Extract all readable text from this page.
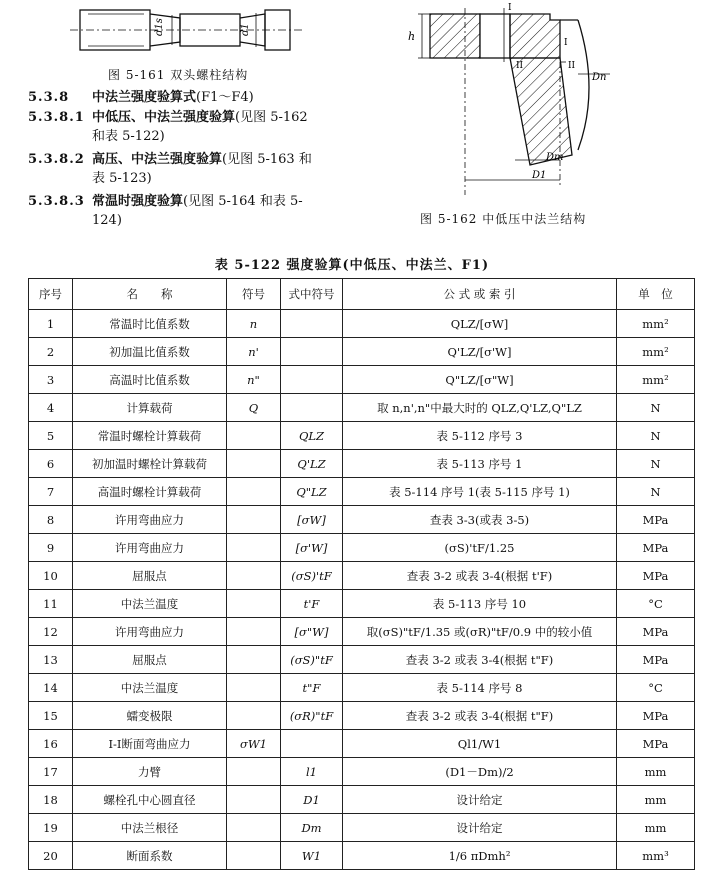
d1s	d1
图 5-161 双头螺柱结构
h
I
I
II	II
Dn
Dm
D1
图 5-162 中低压中法兰结构
5.3.8 中法兰强度验算式(F1～F4)
5.3.8.1 中低压、中法兰强度验算(见图 5-162
和表 5-122)
5.3.8.2 高压、中法兰强度验算(见图 5-163 和
表 5-123)
5.3.8.3 常温时强度验算(见图 5-164 和表 5-
124)
表 5-122 强度验算(中低压、中法兰、F1)
序号	名　　称	符号	式中符号	公 式 或 索 引	单　位
1	常温时比值系数	n		QLZ/[σW]	mm²
2	初加温比值系数	n'		Q'LZ/[σ'W]	mm²
3	高温时比值系数	n"		Q"LZ/[σ"W]	mm²
4	计算载荷	Q		取 n,n',n"中最大时的 QLZ,Q'LZ,Q"LZ	N
5	常温时螺栓计算载荷		QLZ	表 5-112 序号 3	N
6	初加温时螺栓计算载荷		Q'LZ	表 5-113 序号 1	N
7	高温时螺栓计算载荷		Q"LZ	表 5-114 序号 1(表 5-115 序号 1)	N
8	许用弯曲应力		[σW]	查表 3-3(或表 3-5)	MPa
9	许用弯曲应力		[σ'W]	(σS)'tF/1.25	MPa
10	屈服点		(σS)'tF	查表 3-2 或表 3-4(根据 t'F)	MPa
11	中法兰温度		t'F	表 5-113 序号 10	°C
12	许用弯曲应力		[σ"W]	取(σS)"tF/1.35 或(σR)"tF/0.9 中的较小值	MPa
13	屈服点		(σS)"tF	查表 3-2 或表 3-4(根据 t"F)	MPa
14	中法兰温度		t"F	表 5-114 序号 8	°C
15	蠕变极限		(σR)"tF	查表 3-2 或表 3-4(根据 t"F)	MPa
16	Ⅰ-Ⅰ断面弯曲应力	σW1		Ql1/W1	MPa
17	力臂		l1	(D1－Dm)/2	mm
18	螺栓孔中心圆直径		D1	设计给定	mm
19	中法兰根径		Dm	设计给定	mm
20	断面系数		W1	1/6 πDmh²	mm³
